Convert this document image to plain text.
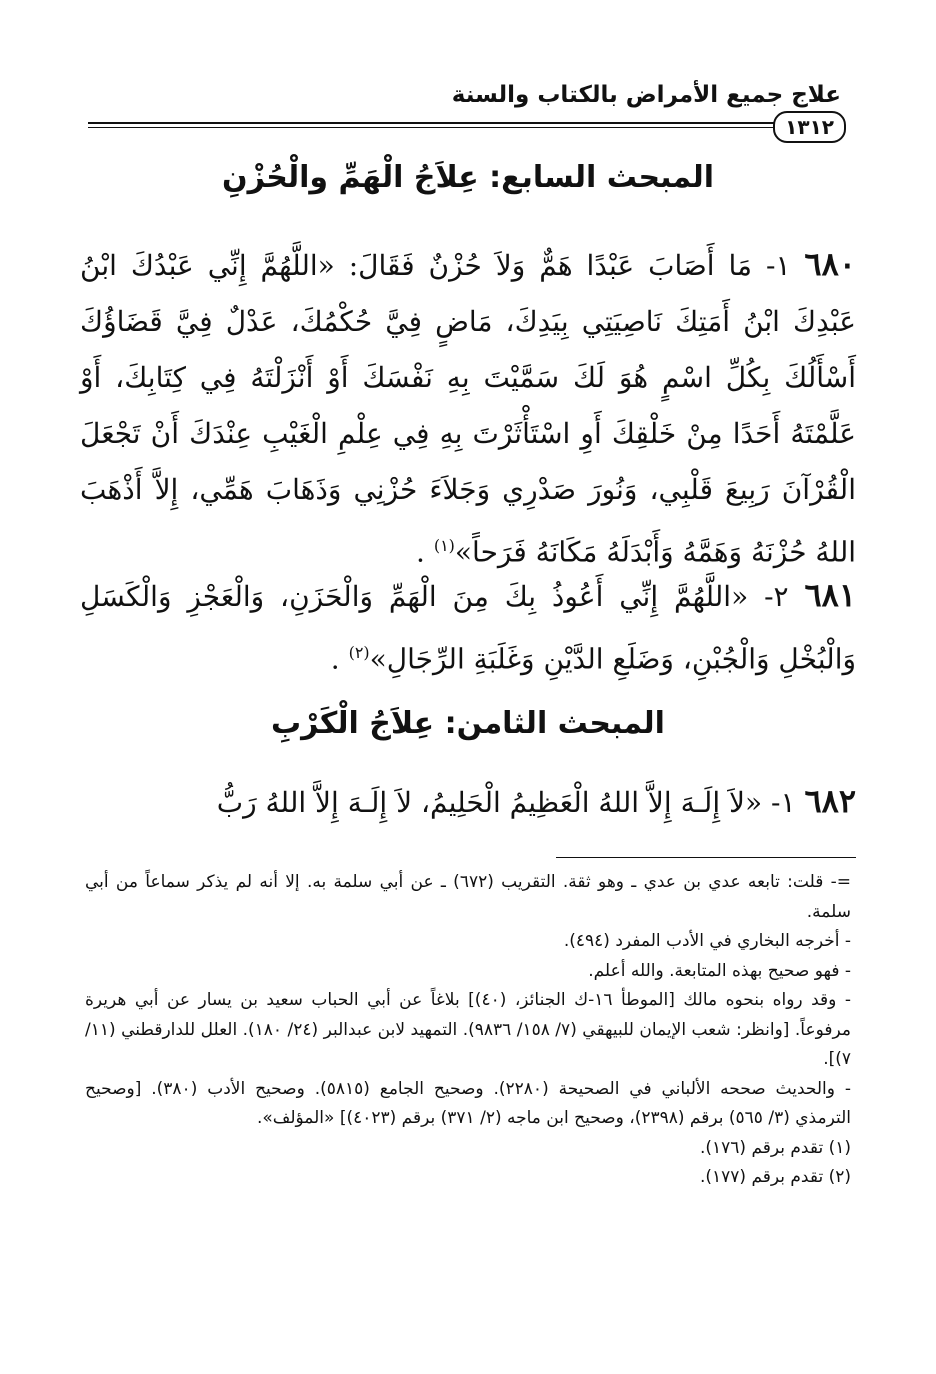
علاج جميع الأمراض بالكتاب والسنة
١٣١٢
المبحث السابع: عِلاَجُ الْهَمِّ والْحُزْنِ
٦٨٠ ١- مَا أَصَابَ عَبْدًا هَمٌّ وَلاَ حُزْنٌ فَقَالَ: «اللَّهُمَّ إِنِّي عَبْدُكَ ابْنُ عَبْدِكَ ابْنُ أَمَتِكَ نَاصِيَتِي بِيَدِكَ، مَاضٍ فِيَّ حُكْمُكَ، عَدْلٌ فِيَّ قَضَاؤُكَ أَسْأَلُكَ بِكُلِّ اسْمٍ هُوَ لَكَ سَمَّيْتَ بِهِ نَفْسَكَ أَوْ أَنْزَلْتَهُ فِي كِتَابِكَ، أَوْ عَلَّمْتَهُ أَحَدًا مِنْ خَلْقِكَ أَوِ اسْتَأْثَرْتَ بِهِ فِي عِلْمِ الْغَيْبِ عِنْدَكَ أَنْ تَجْعَلَ الْقُرْآنَ رَبِيعَ قَلْبِي، وَنُورَ صَدْرِي وَجَلاَءَ حُزْنِي وَذَهَابَ هَمِّي، إِلاَّ أَذْهَبَ اللهُ حُزْنَهُ وَهَمَّهُ وَأَبْدَلَهُ مَكَانَهُ فَرَحاً»$^{(١)}$ .
٦٨١ ٢- «اللَّهُمَّ إِنِّي أَعُوذُ بِكَ مِنَ الْهَمِّ وَالْحَزَنِ، وَالْعَجْزِ وَالْكَسَلِ وَالْبُخْلِ وَالْجُبْنِ، وَضَلَعِ الدَّيْنِ وَغَلَبَةِ الرِّجَالِ»$^{(٢)}$ .
المبحث الثامن: عِلاَجُ الْكَرْبِ
٦٨٢ ١- «لاَ إِلَـهَ إِلاَّ اللهُ الْعَظِيمُ الْحَلِيمُ، لاَ إِلَـهَ إِلاَّ اللهُ رَبُّ

=- قلت: تابعه عدي بن عدي ـ وهو ثقة. التقريب (٦٧٢) ـ عن أبي سلمة به. إلا أنه لم يذكر سماعاً من أبي سلمة.

- أخرجه البخاري في الأدب المفرد (٤٩٤).

- فهو صحيح بهذه المتابعة. والله أعلم.

- وقد رواه بنحوه مالك [الموطأ ١٦-ك الجنائز، (٤٠)] بلاغاً عن أبي الحباب سعيد بن يسار عن أبي هريرة مرفوعاً. [وانظر: شعب الإيمان للبيهقي (٧/ ١٥٨/ ٩٨٣٦). التمهيد لابن عبدالبر (٢٤/ ١٨٠). العلل للدارقطني (١١/ ٧)].

- والحديث صححه الألباني في الصحيحة (٢٢٨٠). وصحيح الجامع (٥٨١٥). وصحيح الأدب (٣٨٠). [وصحيح الترمذي (٣/ ٥٦٥) برقم (٢٣٩٨)، وصحيح ابن ماجه (٢/ ٣٧١) برقم (٤٠٢٣)] «المؤلف».

(١) تقدم برقم (١٧٦).

(٢) تقدم برقم (١٧٧).
